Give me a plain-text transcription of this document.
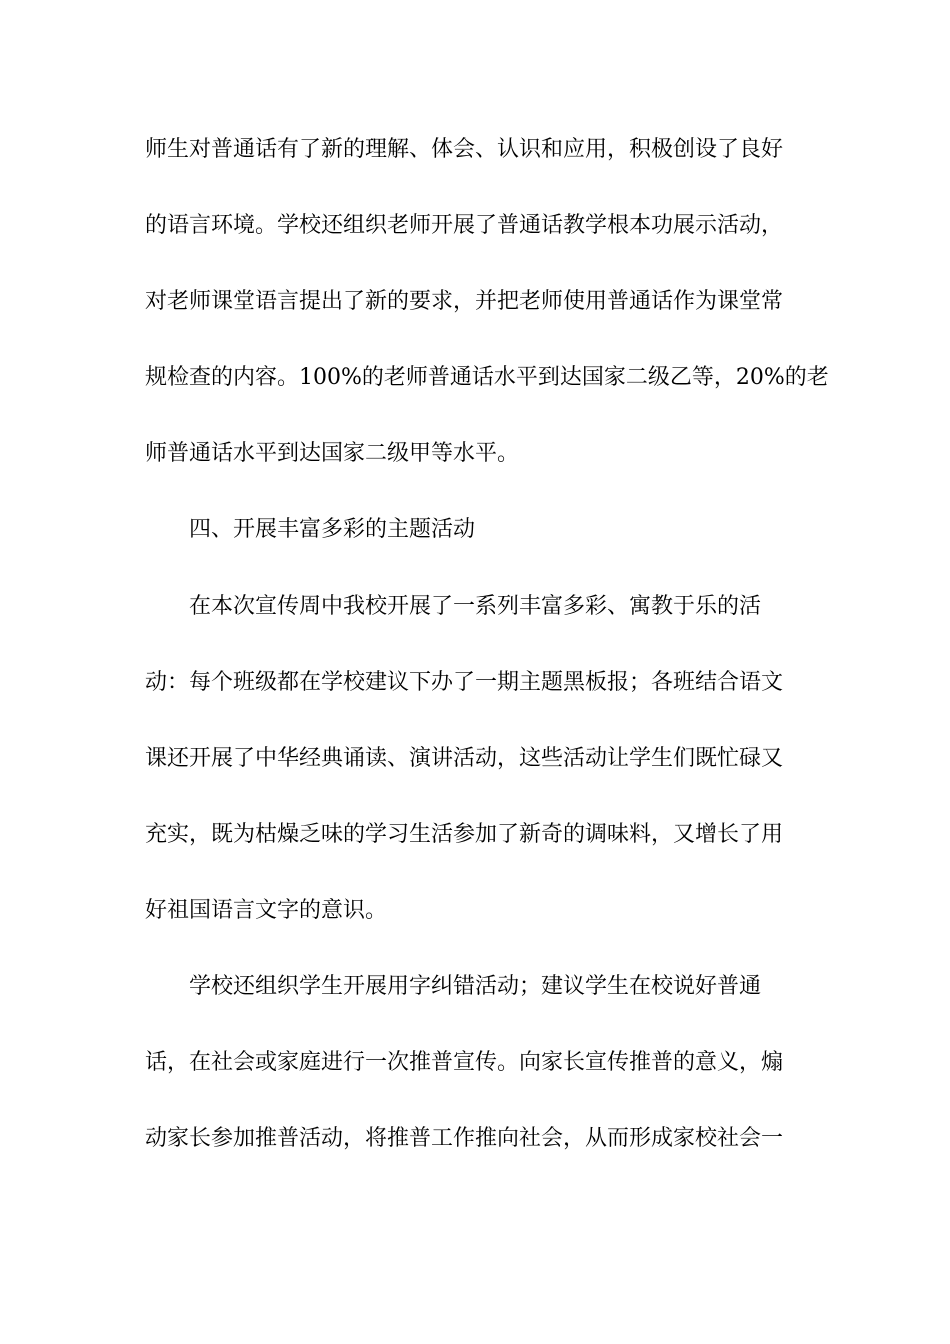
师生对普通话有了新的理解、体会、认识和应用，积极创设了良好

的语言环境。学校还组织老师开展了普通话教学根本功展示活动，

对老师课堂语言提出了新的要求，并把老师使用普通话作为课堂常

规检查的内容。100%的老师普通话水平到达国家二级乙等，20%的老

师普通话水平到达国家二级甲等水平。

四、开展丰富多彩的主题活动

在本次宣传周中我校开展了一系列丰富多彩、寓教于乐的活

动：每个班级都在学校建议下办了一期主题黑板报；各班结合语文

课还开展了中华经典诵读、演讲活动，这些活动让学生们既忙碌又

充实，既为枯燥乏味的学习生活参加了新奇的调味料，又增长了用

好祖国语言文字的意识。

学校还组织学生开展用字纠错活动；建议学生在校说好普通

话，在社会或家庭进行一次推普宣传。向家长宣传推普的意义，煽

动家长参加推普活动，将推普工作推向社会，从而形成家校社会一
